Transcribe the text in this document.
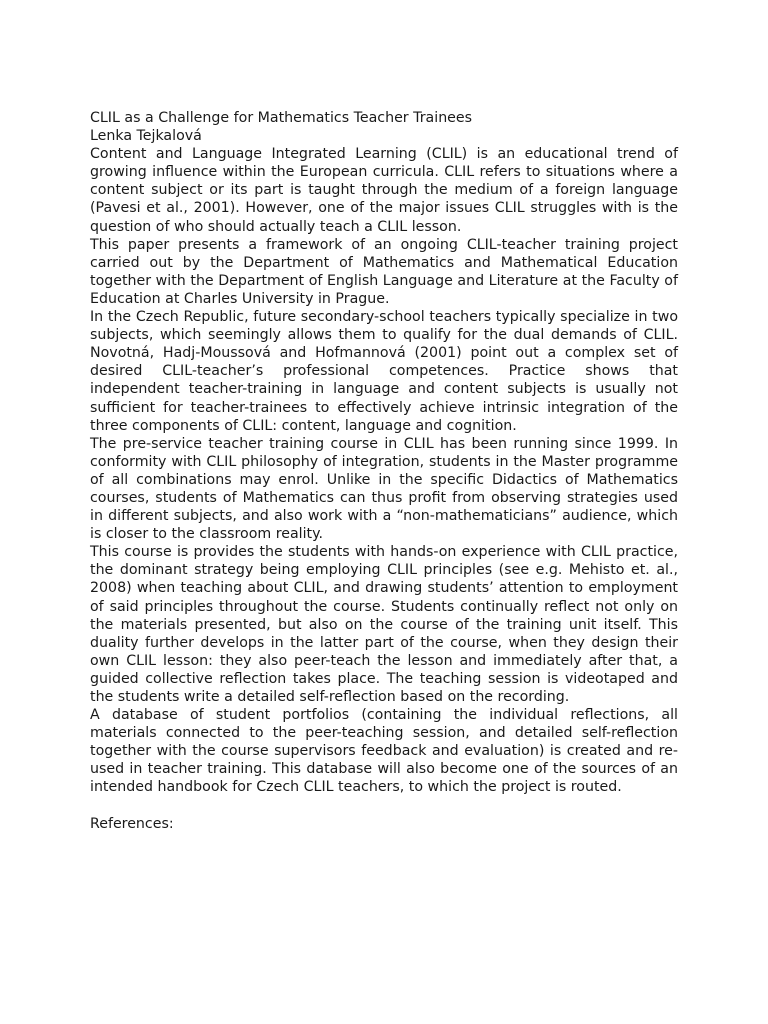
CLIL as a Challenge for Mathematics Teacher Trainees

Lenka Tejkalová

Content and Language Integrated Learning (CLIL) is an educational trend of growing influence within the European curricula. CLIL refers to situations where a content subject or its part is taught through the medium of a foreign language (Pavesi et al., 2001). However, one of the major issues CLIL struggles with is the question of who should actually teach a CLIL lesson.

This paper presents a framework of an ongoing CLIL-teacher training project carried out by the Department of Mathematics and Mathematical Education together with the Department of English Language and Literature at the Faculty of Education at Charles University in Prague.

In the Czech Republic, future secondary-school teachers typically specialize in two subjects, which seemingly allows them to qualify for the dual demands of CLIL. Novotná, Hadj-Moussová and Hofmannová (2001) point out a complex set of desired CLIL-teacher’s professional competences. Practice shows that independent teacher-training in language and content subjects is usually not sufficient for teacher-trainees to effectively achieve intrinsic integration of the three components of CLIL: content, language and cognition.

The pre-service teacher training course in CLIL has been running since 1999. In conformity with CLIL philosophy of integration, students in the Master programme of all combinations may enrol. Unlike in the specific Didactics of Mathematics courses, students of Mathematics can thus profit from observing strategies used in different subjects, and also work with a “non-mathematicians” audience, which is closer to the classroom reality.

This course is provides the students with hands-on experience with CLIL practice, the dominant strategy being employing CLIL principles (see e.g. Mehisto et. al., 2008) when teaching about CLIL, and drawing students’ attention to employment of said principles throughout the course. Students continually reflect not only on the materials presented, but also on the course of the training unit itself. This duality further develops in the latter part of the course, when they design their own CLIL lesson: they also peer-teach the lesson and immediately after that, a guided collective reflection takes place. The teaching session is videotaped and the students write a detailed self-reflection based on the recording.

A database of student portfolios (containing the individual reflections, all materials connected to the peer-teaching session, and detailed self-reflection together with the course supervisors feedback and evaluation) is created and re-used in teacher training. This database will also become one of the sources of an intended handbook for Czech CLIL teachers, to which the project is routed.

References:
